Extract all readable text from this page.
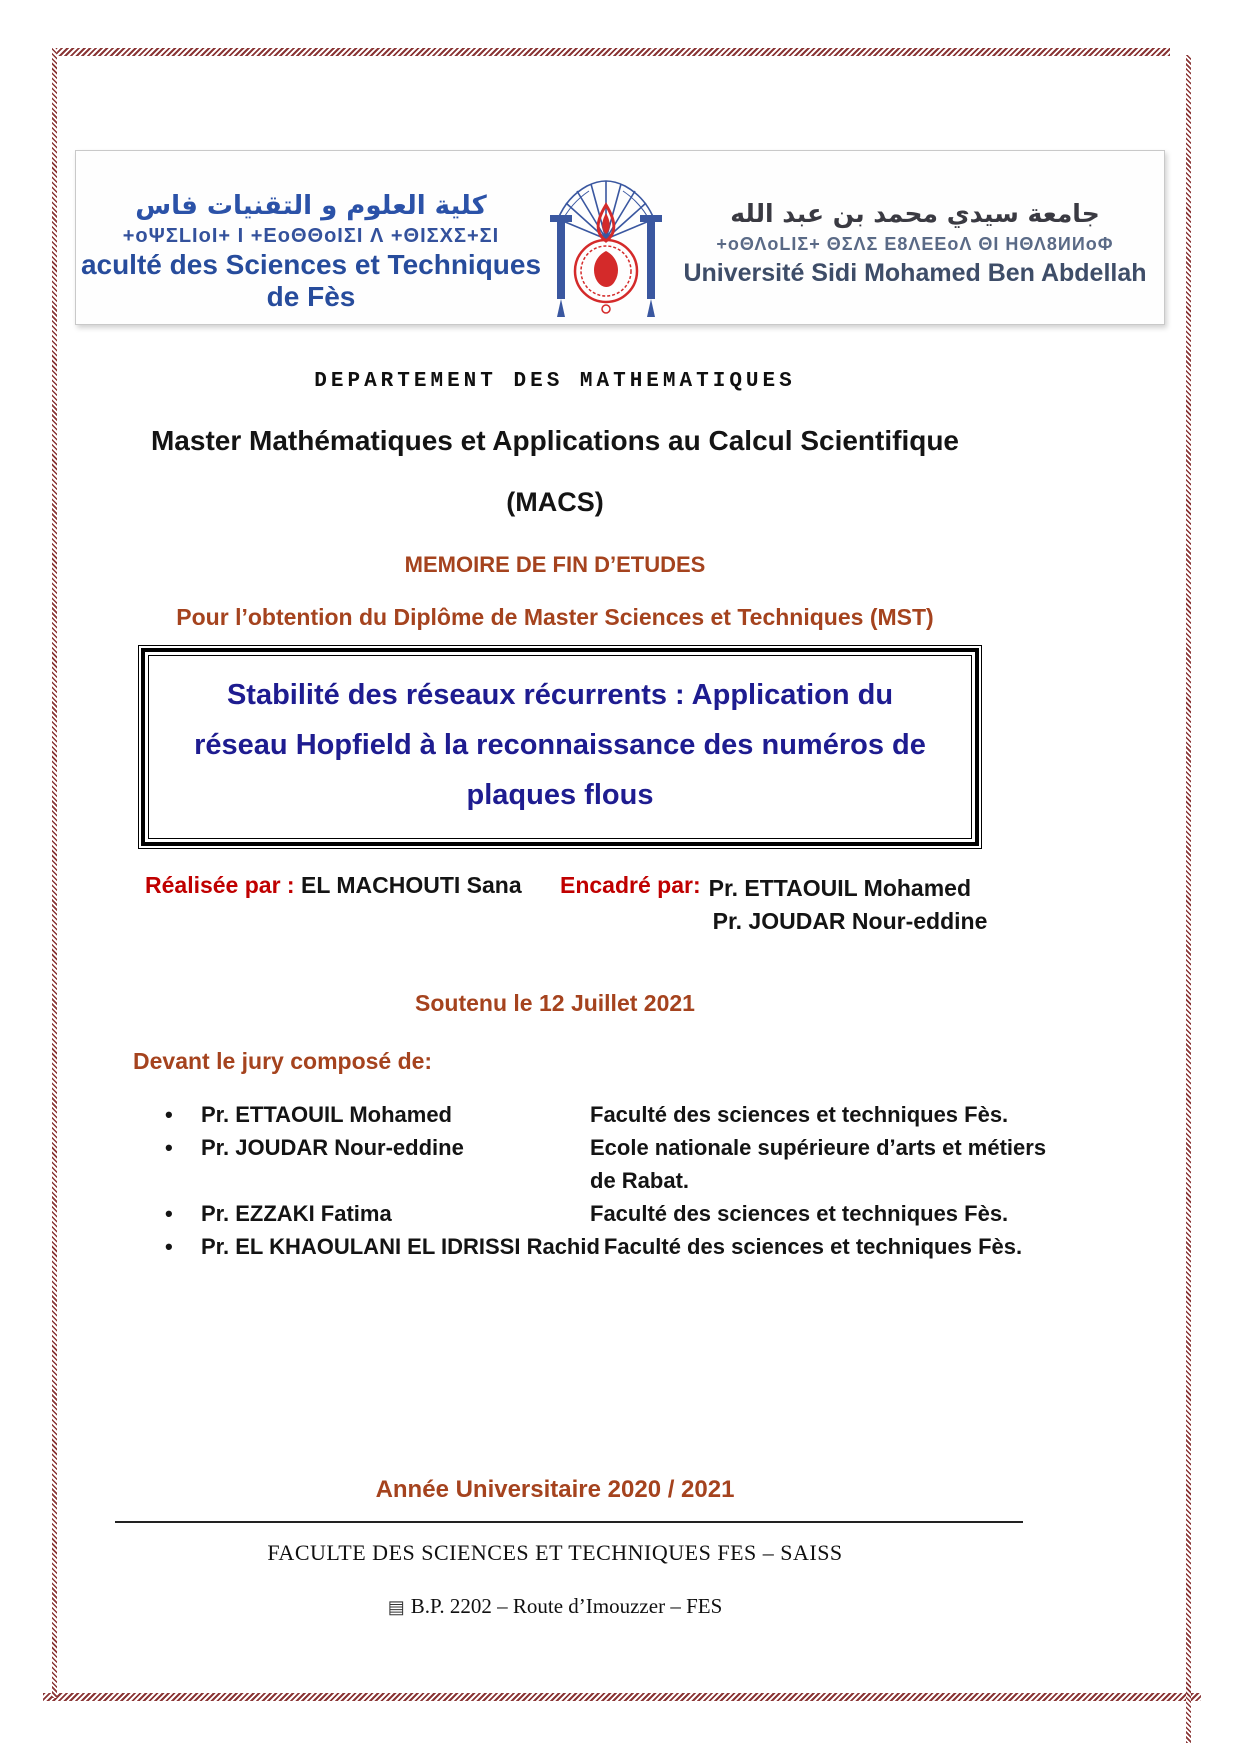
كلية العلوم و التقنيات فاس
+oΨΣLIoI+ I +ΕoΘΘoIΣI Λ +ΘIΣΧΣ+ΣI
aculté des Sciences et Techniques de Fès
جامعة سيدي محمد بن عبد الله
+oΘΛoLIΣ+ ΘΣΛΣ Ε8ΛΕΕoΛ ΘI ΗΘΛ8ИИoΦ
Université Sidi Mohamed Ben Abdellah
DEPARTEMENT DES MATHEMATIQUES
Master Mathématiques et Applications au Calcul Scientifique
(MACS)
MEMOIRE DE FIN D’ETUDES
Pour l’obtention du Diplôme de Master Sciences et Techniques (MST)
Stabilité des réseaux récurrents : Application du
réseau Hopfield à la reconnaissance des numéros de
plaques flous
Réalisée par : EL MACHOUTI Sana	Encadré par: Pr. ETTAOUIL Mohamed
Pr. JOUDAR Nour-eddine
Soutenu le 12 Juillet 2021
Devant le jury composé de:
•	Pr. ETTAOUIL Mohamed	Faculté des sciences et techniques Fès.
•	Pr. JOUDAR Nour-eddine	Ecole nationale supérieure d’arts et métiers de Rabat.
•	Pr. EZZAKI Fatima	Faculté des sciences et techniques Fès.
•	Pr. EL KHAOULANI EL IDRISSI Rachid Faculté des sciences et techniques Fès.
Année Universitaire 2020 / 2021
FACULTE DES SCIENCES ET TECHNIQUES FES – SAISS
▤ B.P. 2202 – Route d’Imouzzer – FES
